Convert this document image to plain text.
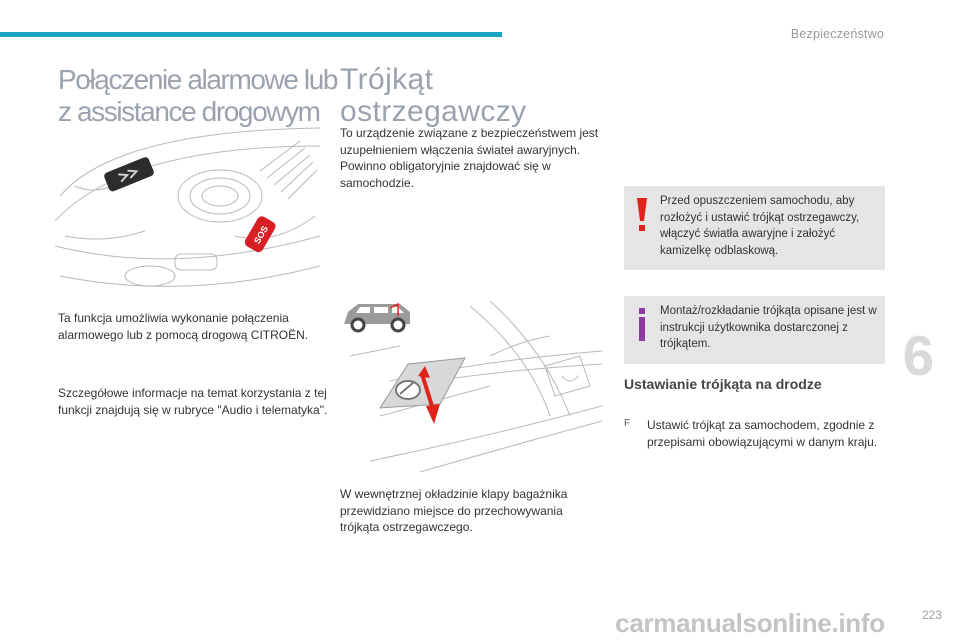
Bezpieczeństwo
Połączenie alarmowe lub z assistance drogowym
SOS
Ta funkcja umożliwia wykonanie połączenia alarmowego lub z pomocą drogową CITROËN.
Szczegółowe informacje na temat korzystania z tej funkcji znajdują się w rubryce "Audio i telematyka".
Trójkąt ostrzegawczy
To urządzenie związane z bezpieczeństwem jest uzupełnieniem włączenia świateł awaryjnych.
Powinno obligatoryjnie znajdować się w samochodzie.
W wewnętrznej okładzinie klapy bagażnika przewidziano miejsce do przechowywania trójkąta ostrzegawczego.
Przed opuszczeniem samochodu, aby rozłożyć i ustawić trójkąt ostrzegawczy, włączyć światła awaryjne i założyć kamizelkę odblaskową.
Montaż/rozkładanie trójkąta opisane jest w instrukcji użytkownika dostarczonej z trójkątem.
Ustawianie trójkąta na drodze
F Ustawić trójkąt za samochodem, zgodnie z przepisami obowiązującymi w danym kraju.
6
carmanualsonline.info	223
